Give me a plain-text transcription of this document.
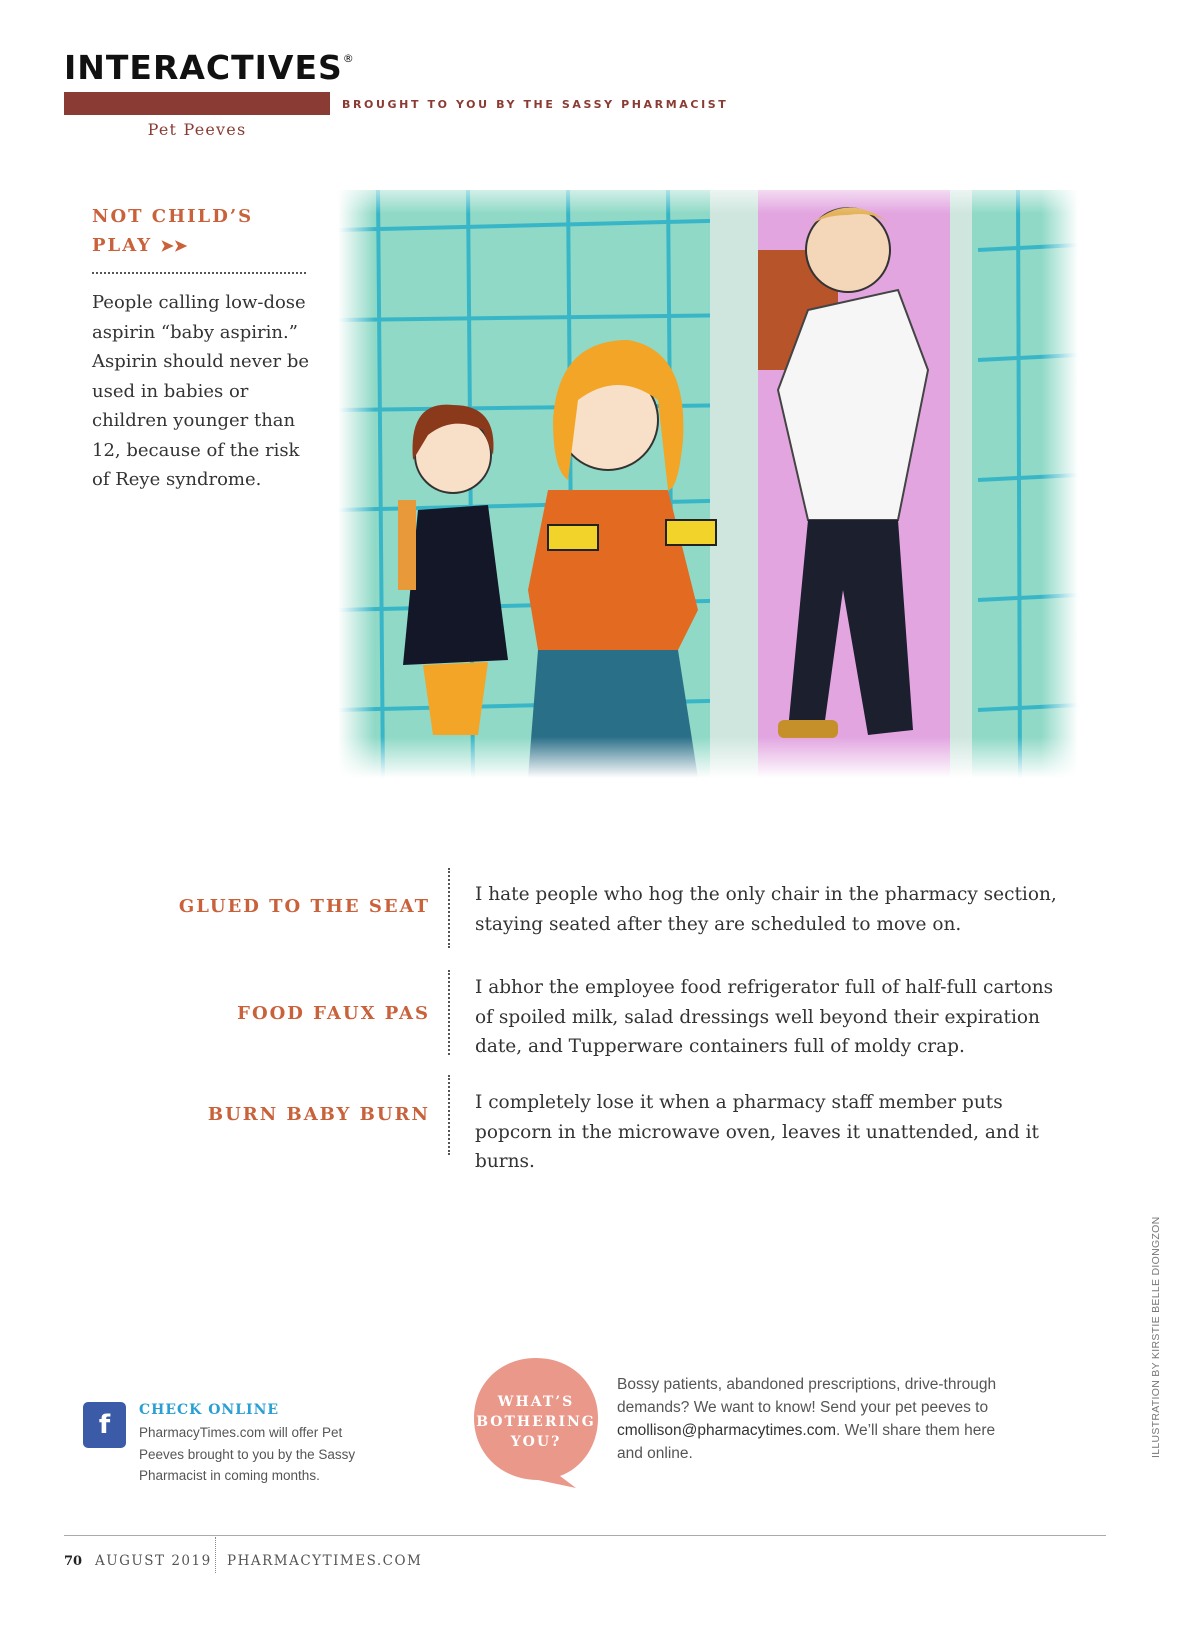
INTERACTIVES®
BROUGHT TO YOU BY THE SASSY PHARMACIST
Pet Peeves
NOT CHILD’S PLAY ➤➤
People calling low-dose aspirin “baby aspirin.” Aspirin should never be used in babies or children younger than 12, because of the risk of Reye syndrome.
GLUED TO THE SEAT
I hate people who hog the only chair in the pharmacy section, staying seated after they are scheduled to move on.
FOOD FAUX PAS
I abhor the employee food refrigerator full of half-full cartons of spoiled milk, salad dressings well beyond their expiration date, and Tupperware containers full of moldy crap.
BURN BABY BURN
I completely lose it when a pharmacy staff member puts popcorn in the microwave oven, leaves it unattended, and it burns.
f	CHECK ONLINE
PharmacyTimes.com will offer Pet Peeves brought to you by the Sassy Pharmacist in coming months.
WHAT’S BOTHERING YOU?
Bossy patients, abandoned prescriptions, drive-through demands? We want to know! Send your pet peeves to cmollison@pharmacytimes.com. We’ll share them here and online.	ILLUSTRATION BY KIRSTIE BELLE DIONGZON
70 AUGUST 2019 PHARMACYTIMES.COM
